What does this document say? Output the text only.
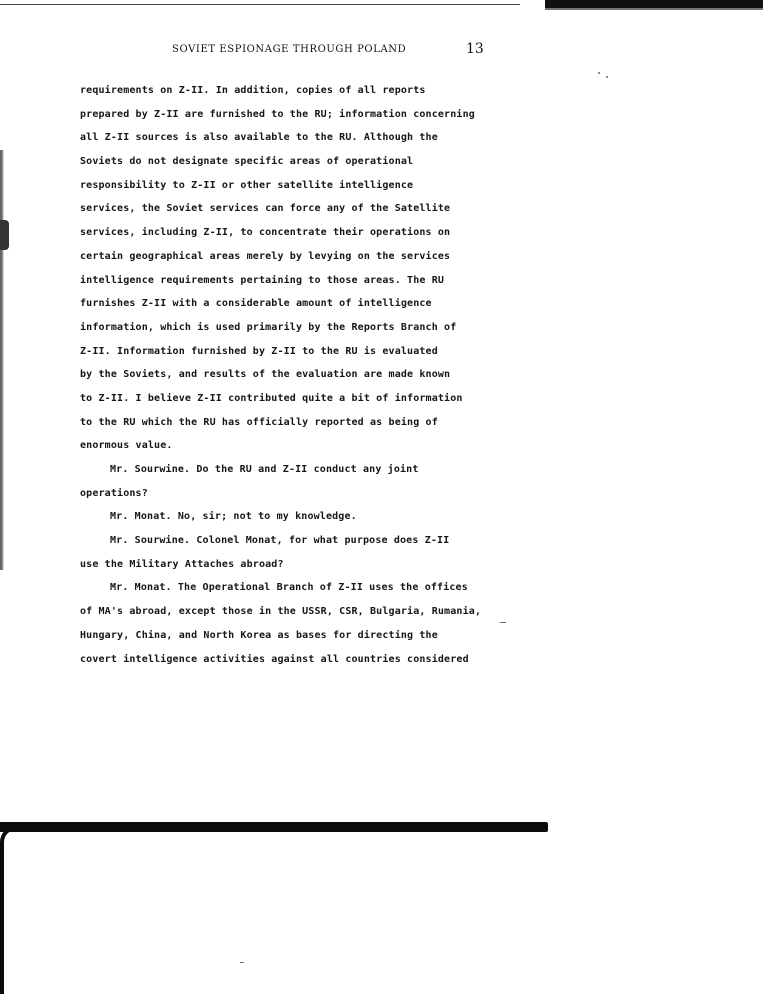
SOVIET ESPIONAGE THROUGH POLAND	13
requirements on Z-II. In addition, copies of all reports
prepared by Z-II are furnished to the RU; information concerning
all Z-II sources is also available to the RU. Although the
Soviets do not designate specific areas of operational
responsibility to Z-II or other satellite intelligence
services, the Soviet services can force any of the Satellite
services, including Z-II, to concentrate their operations on
certain geographical areas merely by levying on the services
intelligence requirements pertaining to those areas. The RU
furnishes Z-II with a considerable amount of intelligence
information, which is used primarily by the Reports Branch of
Z-II. Information furnished by Z-II to the RU is evaluated
by the Soviets, and results of the evaluation are made known
to Z-II. I believe Z-II contributed quite a bit of information
to the RU which the RU has officially reported as being of
enormous value.
Mr. Sourwine. Do the RU and Z-II conduct any joint
operations?
Mr. Monat. No, sir; not to my knowledge.
Mr. Sourwine. Colonel Monat, for what purpose does Z-II
use the Military Attaches abroad?
Mr. Monat. The Operational Branch of Z-II uses the offices
of MA's abroad, except those in the USSR, CSR, Bulgaria, Rumania,
Hungary, China, and North Korea as bases for directing the
covert intelligence activities against all countries considered
